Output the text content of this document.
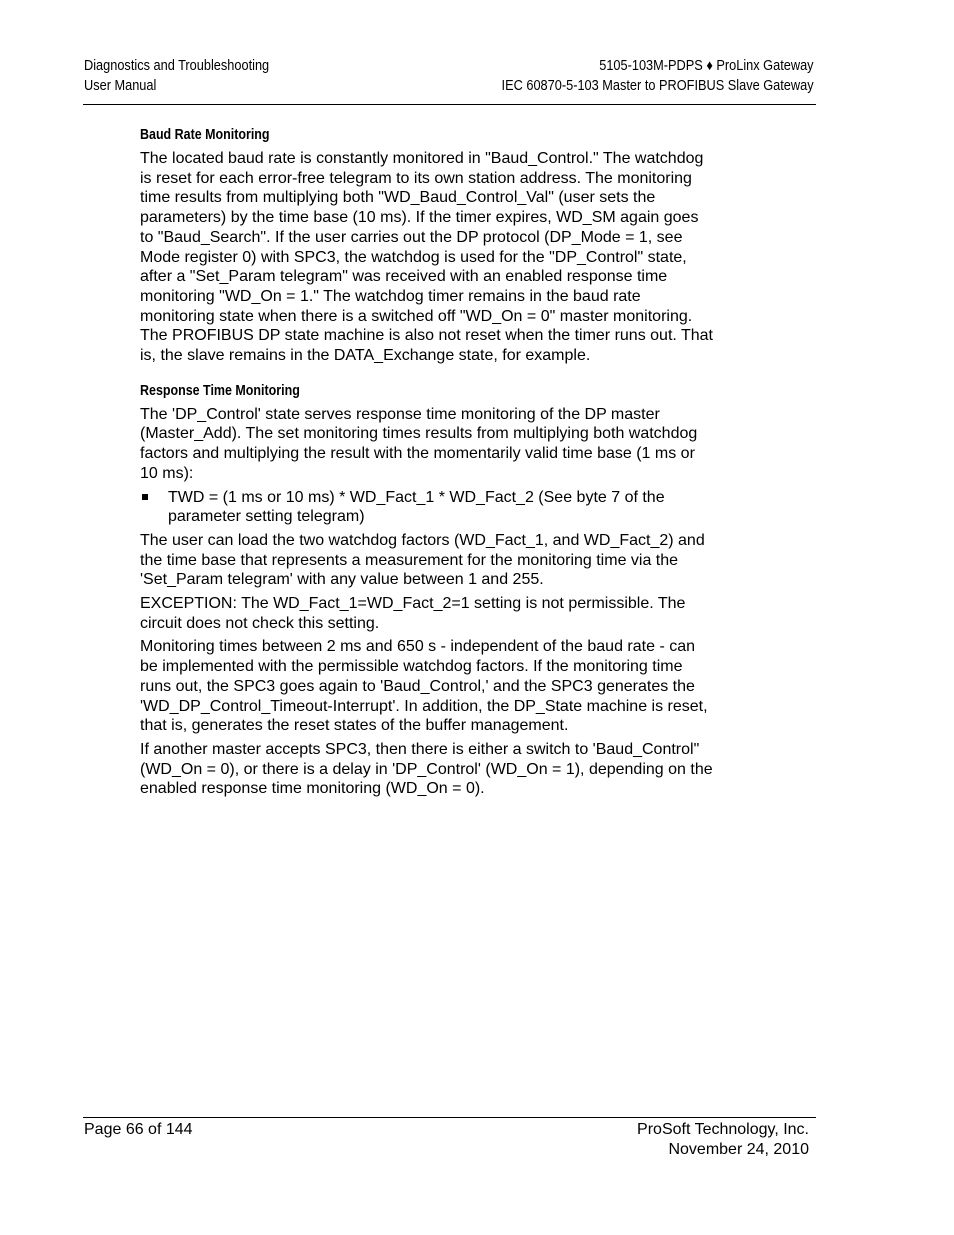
Diagnostics and Troubleshooting
User Manual
5105-103M-PDPS ♦ ProLinx Gateway
IEC 60870-5-103 Master to PROFIBUS Slave Gateway
Baud Rate Monitoring
The located baud rate is constantly monitored in "Baud_Control." The watchdog
is reset for each error-free telegram to its own station address. The monitoring
time results from multiplying both "WD_Baud_Control_Val" (user sets the
parameters) by the time base (10 ms). If the timer expires, WD_SM again goes
to "Baud_Search". If the user carries out the DP protocol (DP_Mode = 1, see
Mode register 0) with SPC3, the watchdog is used for the "DP_Control" state,
after a "Set_Param telegram" was received with an enabled response time
monitoring "WD_On = 1." The watchdog timer remains in the baud rate
monitoring state when there is a switched off "WD_On = 0" master monitoring.
The PROFIBUS DP state machine is also not reset when the timer runs out. That
is, the slave remains in the DATA_Exchange state, for example.
Response Time Monitoring
The 'DP_Control' state serves response time monitoring of the DP master
(Master_Add). The set monitoring times results from multiplying both watchdog
factors and multiplying the result with the momentarily valid time base (1 ms or
10 ms):
TWD = (1 ms or 10 ms) * WD_Fact_1 * WD_Fact_2 (See byte 7 of the
parameter setting telegram)
The user can load the two watchdog factors (WD_Fact_1, and WD_Fact_2) and
the time base that represents a measurement for the monitoring time via the
'Set_Param telegram' with any value between 1 and 255.
EXCEPTION: The WD_Fact_1=WD_Fact_2=1 setting is not permissible. The
circuit does not check this setting.
Monitoring times between 2 ms and 650 s - independent of the baud rate - can
be implemented with the permissible watchdog factors. If the monitoring time
runs out, the SPC3 goes again to 'Baud_Control,' and the SPC3 generates the
'WD_DP_Control_Timeout-Interrupt'. In addition, the DP_State machine is reset,
that is, generates the reset states of the buffer management.
If another master accepts SPC3, then there is either a switch to 'Baud_Control"
(WD_On = 0), or there is a delay in 'DP_Control' (WD_On = 1), depending on the
enabled response time monitoring (WD_On = 0).
Page 66 of 144	ProSoft Technology, Inc.
November 24, 2010
